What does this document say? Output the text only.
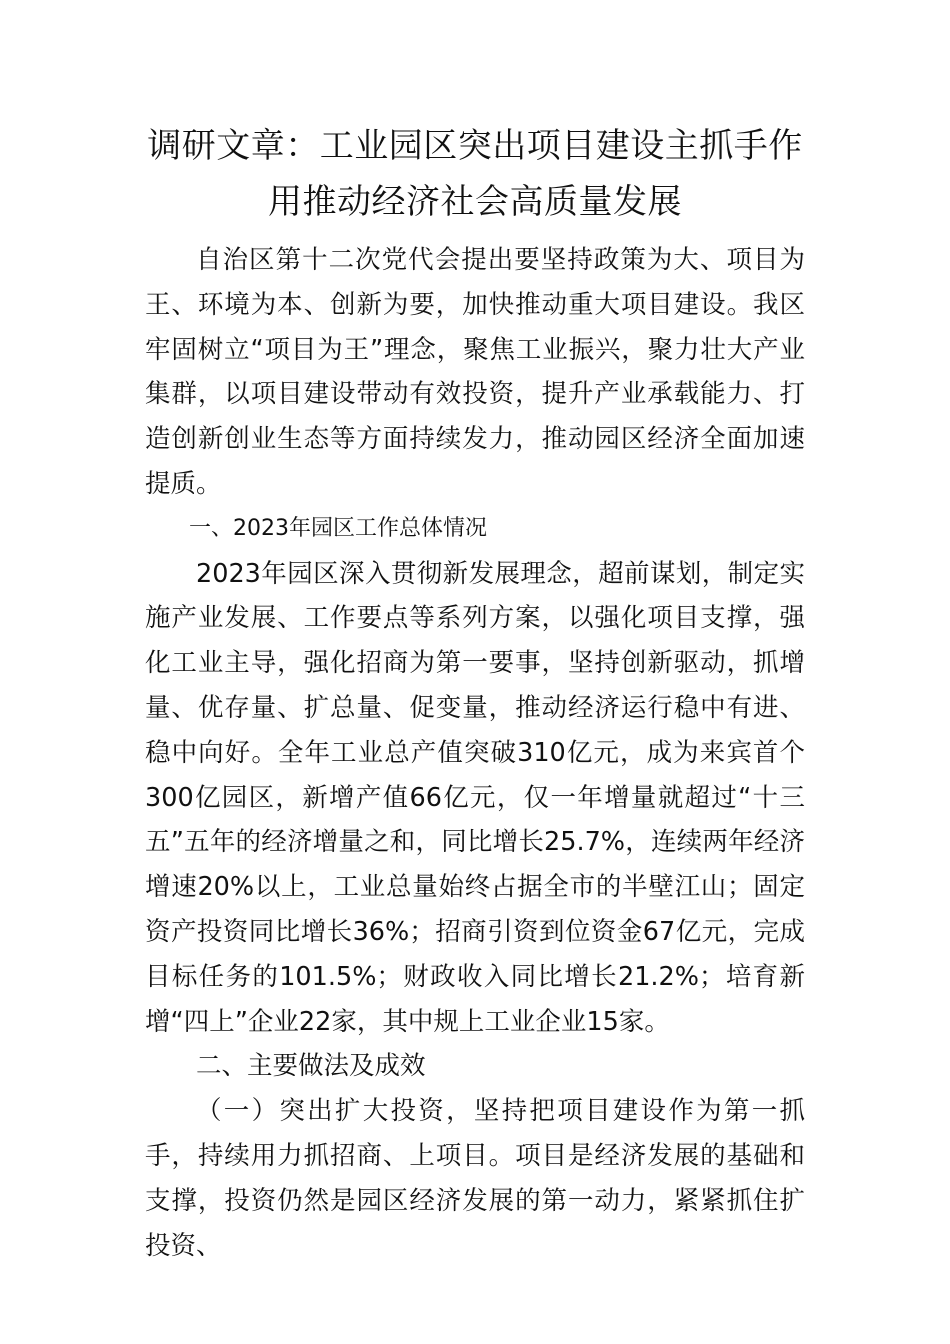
调研文章：工业园区突出项目建设主抓手作用推动经济社会高质量发展

自治区第十二次党代会提出要坚持政策为大、项目为王、环境为本、创新为要，加快推动重大项目建设。我区牢固树立“项目为王”理念，聚焦工业振兴，聚力壮大产业集群，以项目建设带动有效投资，提升产业承载能力、打造创新创业生态等方面持续发力，推动园区经济全面加速提质。

一、2023年园区工作总体情况

2023年园区深入贯彻新发展理念，超前谋划，制定实施产业发展、工作要点等系列方案，以强化项目支撑，强化工业主导，强化招商为第一要事，坚持创新驱动，抓增量、优存量、扩总量、促变量，推动经济运行稳中有进、稳中向好。全年工业总产值突破310亿元，成为来宾首个300亿园区，新增产值66亿元，仅一年增量就超过“十三五”五年的经济增量之和，同比增长25.7%，连续两年经济增速20%以上，工业总量始终占据全市的半壁江山；固定资产投资同比增长36%；招商引资到位资金67亿元，完成目标任务的101.5%；财政收入同比增长21.2%；培育新增“四上”企业22家，其中规上工业企业15家。

二、主要做法及成效

（一）突出扩大投资，坚持把项目建设作为第一抓手，持续用力抓招商、上项目。项目是经济发展的基础和支撑，投资仍然是园区经济发展的第一动力，紧紧抓住扩投资、
